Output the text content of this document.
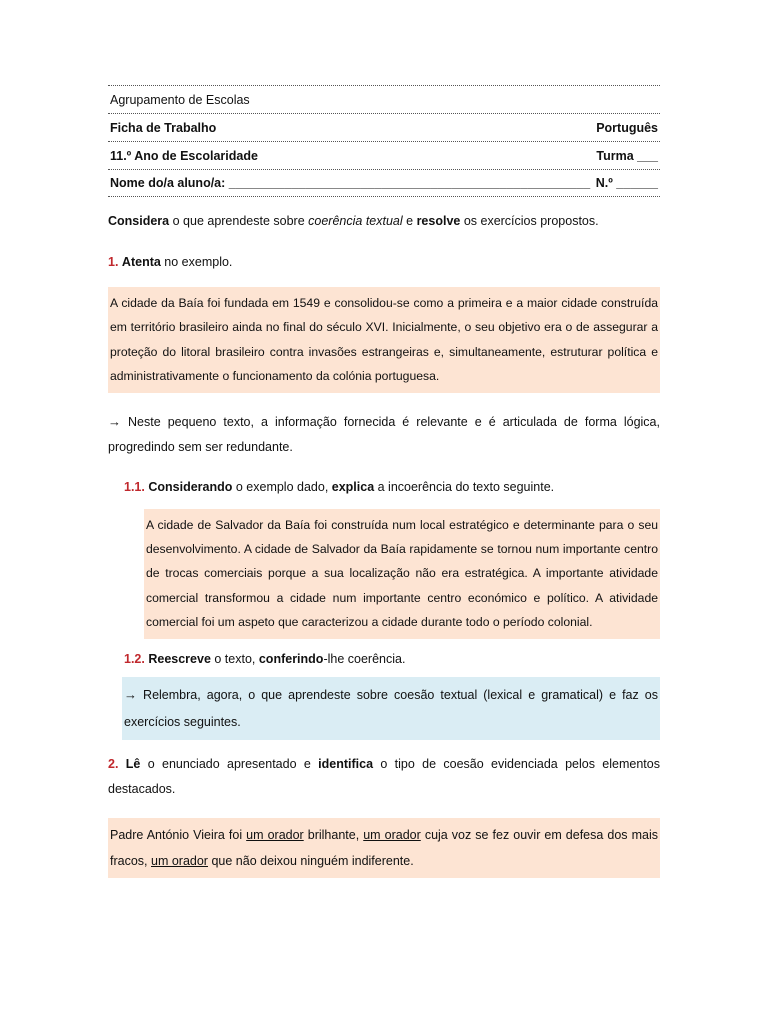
Agrupamento de Escolas
Ficha de Trabalho	Português
11.º Ano de Escolaridade	Turma ___
Nome do/a aluno/a: ____________________________________________________ N.º ______

Considera o que aprendeste sobre coerência textual e resolve os exercícios propostos.

1. Atenta no exemplo.

A cidade da Baía foi fundada em 1549 e consolidou-se como a primeira e a maior cidade construída em território brasileiro ainda no final do século XVI. Inicialmente, o seu objetivo era o de assegurar a proteção do litoral brasileiro contra invasões estrangeiras e, simultaneamente, estruturar política e administrativamente o funcionamento da colónia portuguesa.

→ Neste pequeno texto, a informação fornecida é relevante e é articulada de forma lógica, progredindo sem ser redundante.

1.1. Considerando o exemplo dado, explica a incoerência do texto seguinte.

A cidade de Salvador da Baía foi construída num local estratégico e determinante para o seu desenvolvimento. A cidade de Salvador da Baía rapidamente se tornou num importante centro de trocas comerciais porque a sua localização não era estratégica. A importante atividade comercial transformou a cidade num importante centro económico e político. A atividade comercial foi um aspeto que caracterizou a cidade durante todo o período colonial.

1.2. Reescreve o texto, conferindo-lhe coerência.

→ Relembra, agora, o que aprendeste sobre coesão textual (lexical e gramatical) e faz os exercícios seguintes.

2. Lê o enunciado apresentado e identifica o tipo de coesão evidenciada pelos elementos destacados.

Padre António Vieira foi um orador brilhante, um orador cuja voz se fez ouvir em defesa dos mais fracos, um orador que não deixou ninguém indiferente.
